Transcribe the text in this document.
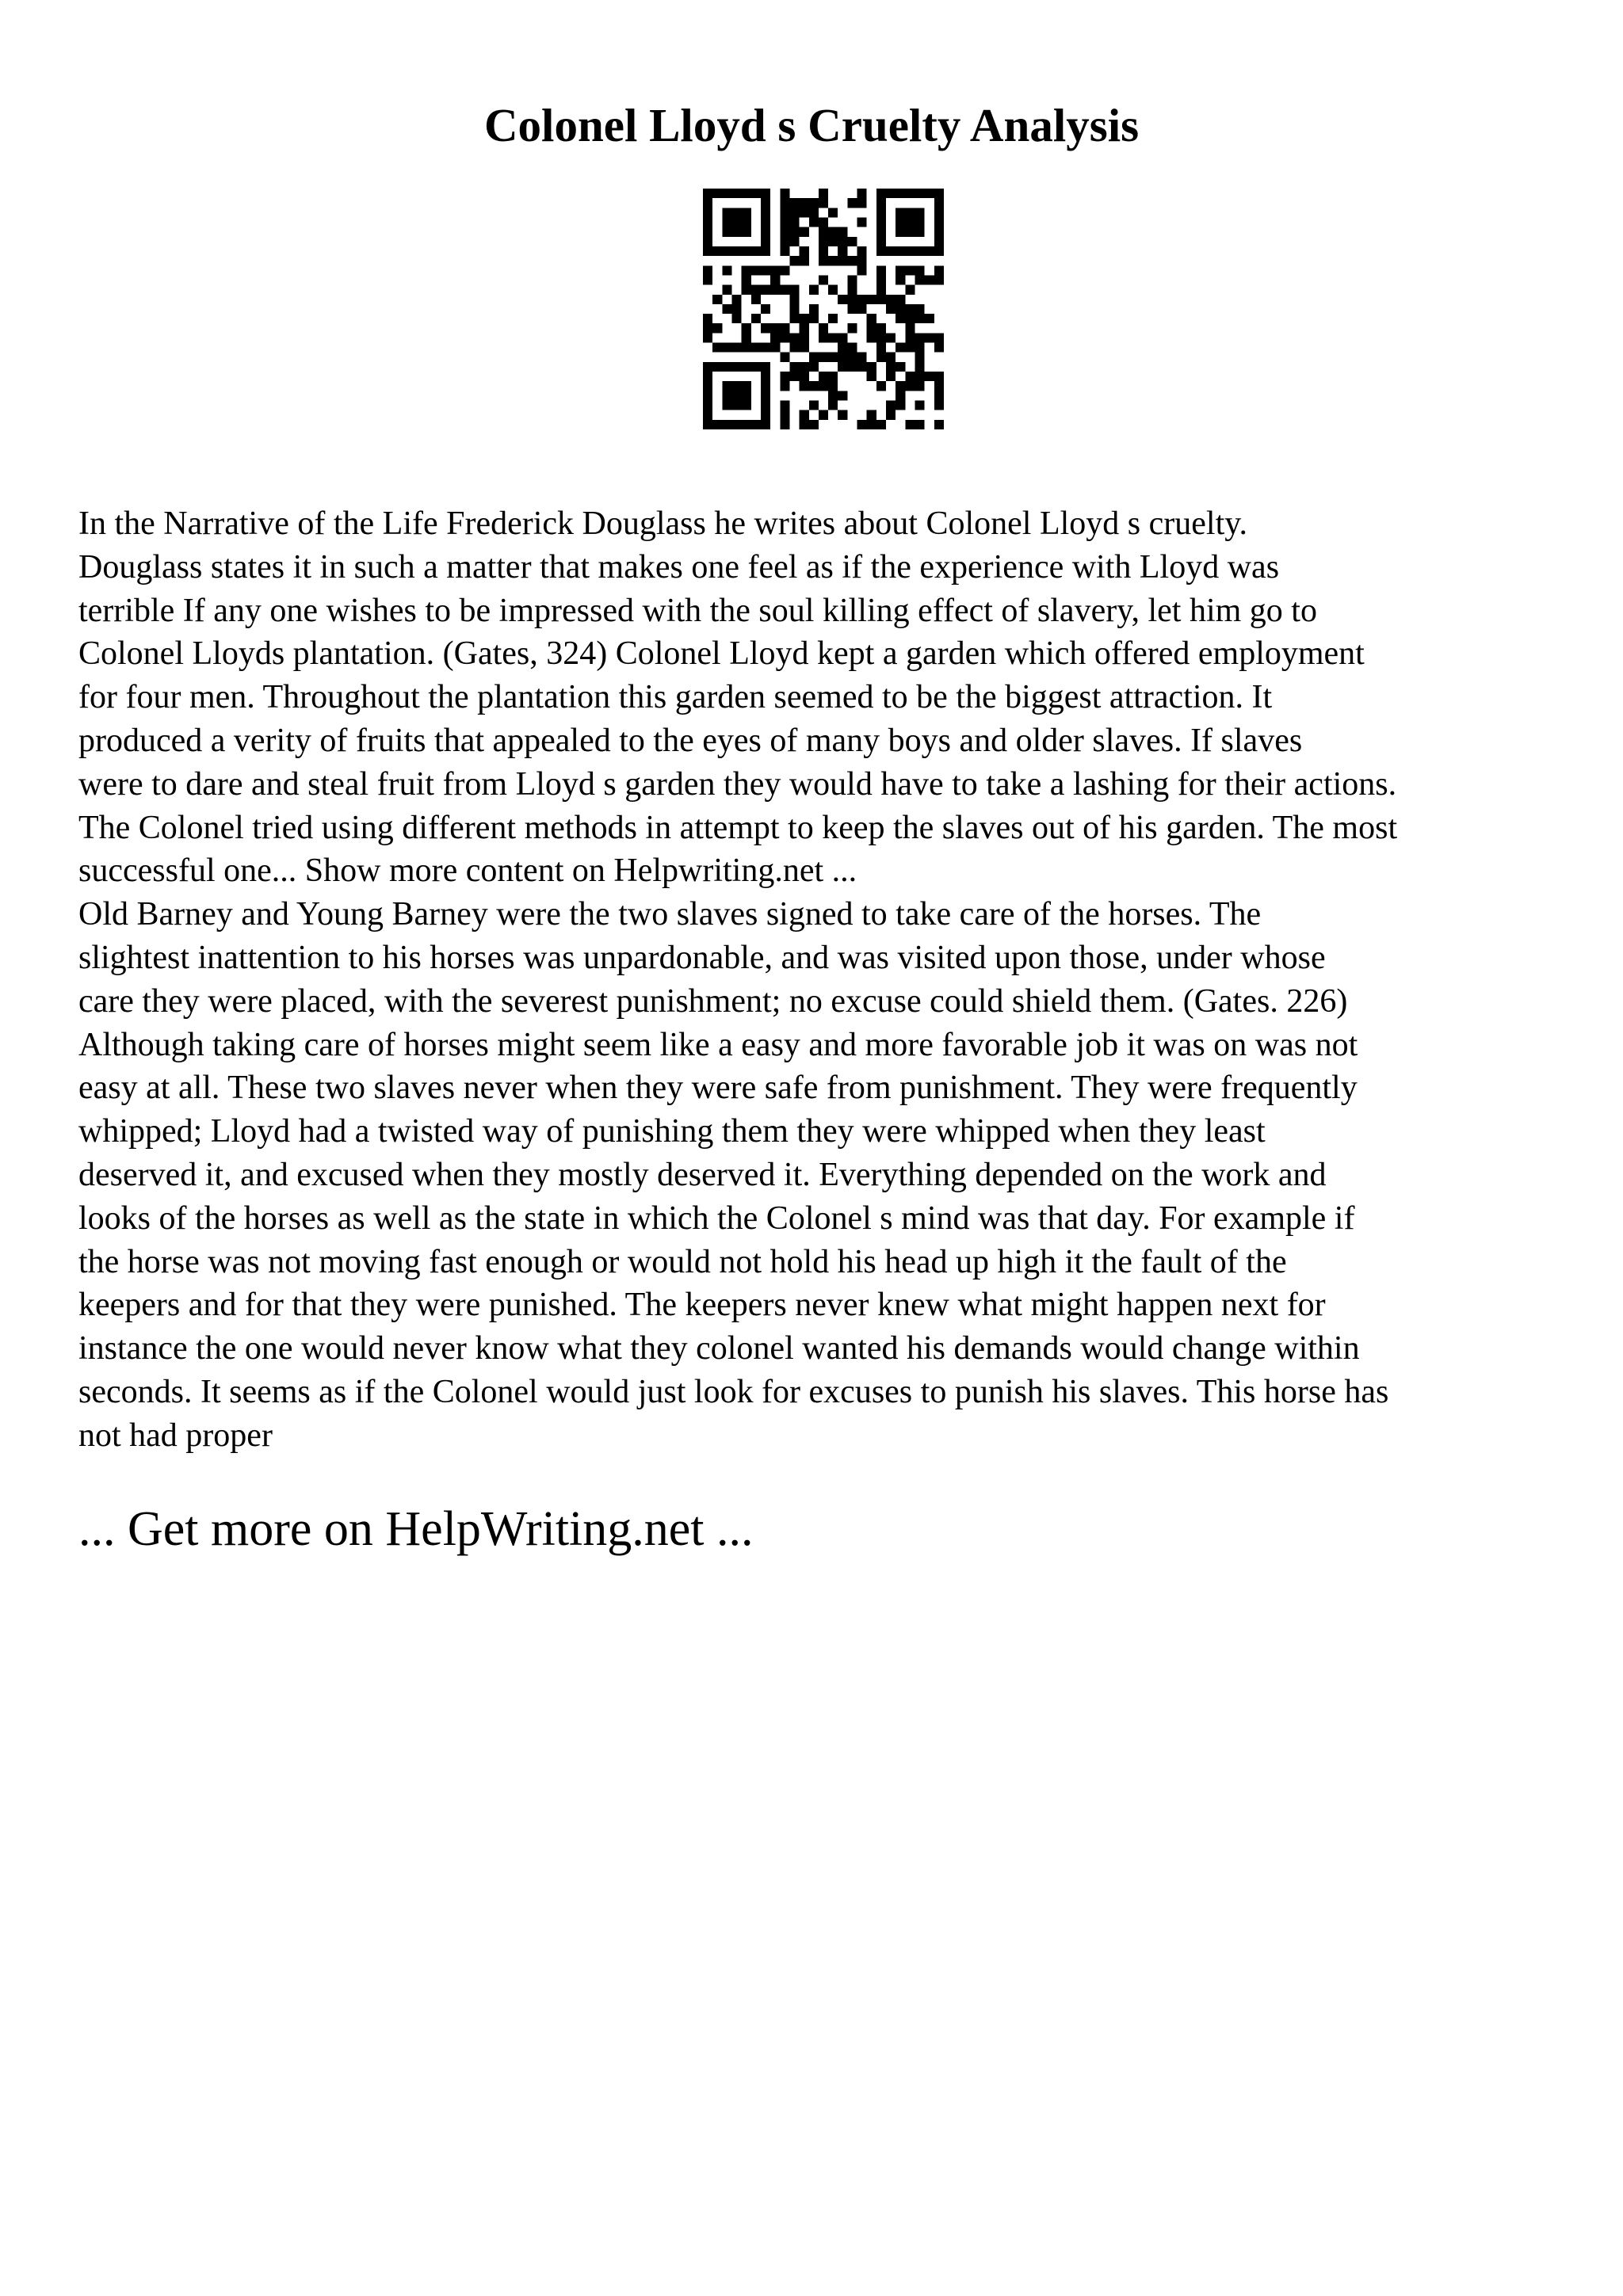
Colonel Lloyd s Cruelty Analysis
In the Narrative of the Life Frederick Douglass he writes about Colonel Lloyd s cruelty.
Douglass states it in such a matter that makes one feel as if the experience with Lloyd was
terrible If any one wishes to be impressed with the soul killing effect of slavery, let him go to
Colonel Lloyds plantation. (Gates, 324) Colonel Lloyd kept a garden which offered employment
for four men. Throughout the plantation this garden seemed to be the biggest attraction. It
produced a verity of fruits that appealed to the eyes of many boys and older slaves. If slaves
were to dare and steal fruit from Lloyd s garden they would have to take a lashing for their actions.
The Colonel tried using different methods in attempt to keep the slaves out of his garden. The most
successful one... Show more content on Helpwriting.net ...
Old Barney and Young Barney were the two slaves signed to take care of the horses. The
slightest inattention to his horses was unpardonable, and was visited upon those, under whose
care they were placed, with the severest punishment; no excuse could shield them. (Gates. 226)
Although taking care of horses might seem like a easy and more favorable job it was on was not
easy at all. These two slaves never when they were safe from punishment. They were frequently
whipped; Lloyd had a twisted way of punishing them they were whipped when they least
deserved it, and excused when they mostly deserved it. Everything depended on the work and
looks of the horses as well as the state in which the Colonel s mind was that day. For example if
the horse was not moving fast enough or would not hold his head up high it the fault of the
keepers and for that they were punished. The keepers never knew what might happen next for
instance the one would never know what they colonel wanted his demands would change within
seconds. It seems as if the Colonel would just look for excuses to punish his slaves. This horse has
not had proper
... Get more on HelpWriting.net ...
